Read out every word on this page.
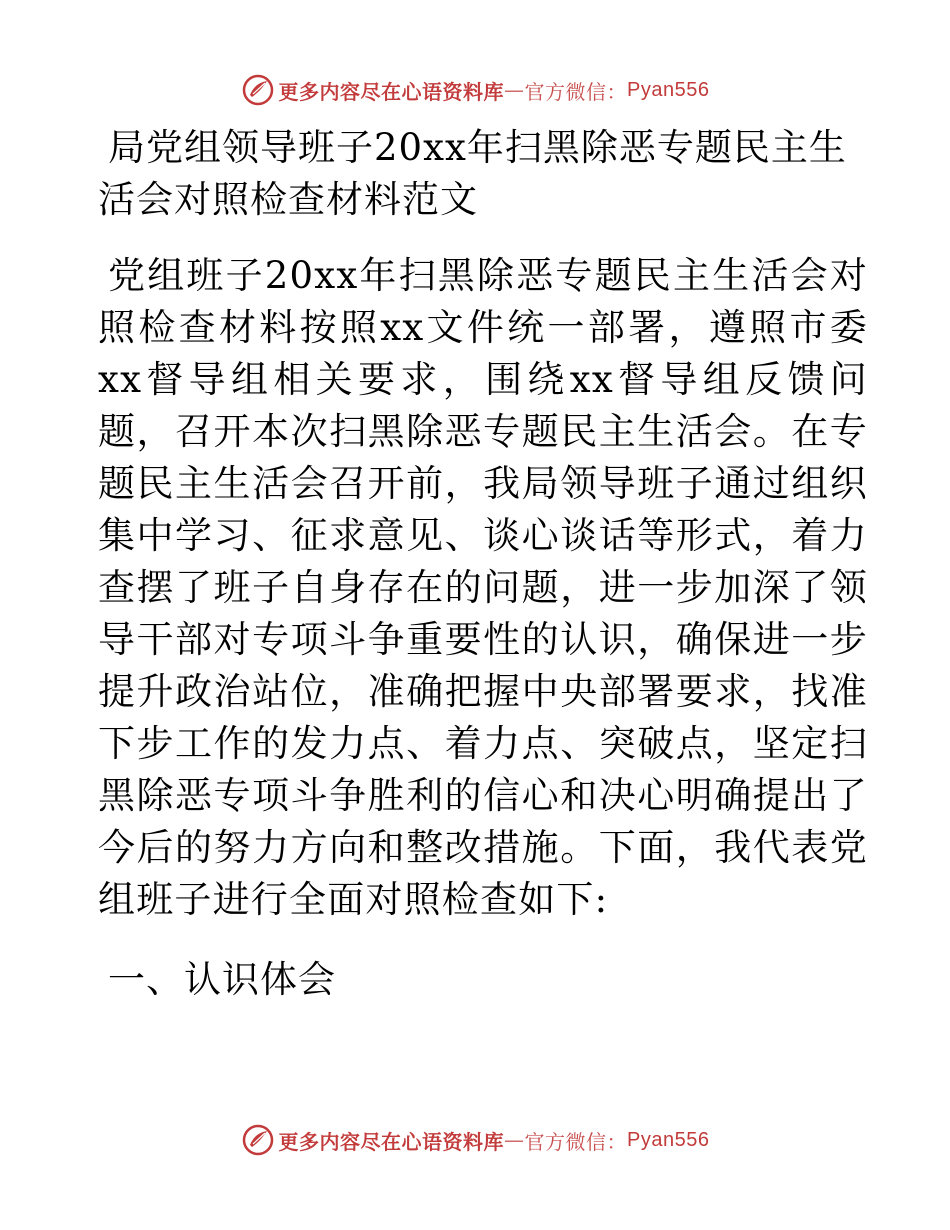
更多内容尽在心语资料库 — 官方微信： Pyan556
局党组领导班子20xx年扫黑除恶专题民主生活会对照检查材料范文

党组班子20xx年扫黑除恶专题民主生活会对照检查材料按照xx文件统一部署，遵照市委xx督导组相关要求，围绕xx督导组反馈问题，召开本次扫黑除恶专题民主生活会。在专题民主生活会召开前，我局领导班子通过组织集中学习、征求意见、谈心谈话等形式，着力查摆了班子自身存在的问题，进一步加深了领导干部对专项斗争重要性的认识，确保进一步提升政治站位，准确把握中央部署要求，找准下步工作的发力点、着力点、突破点，坚定扫黑除恶专项斗争胜利的信心和决心明确提出了今后的努力方向和整改措施。下面，我代表党组班子进行全面对照检查如下:

一、认识体会
更多内容尽在心语资料库 — 官方微信： Pyan556
